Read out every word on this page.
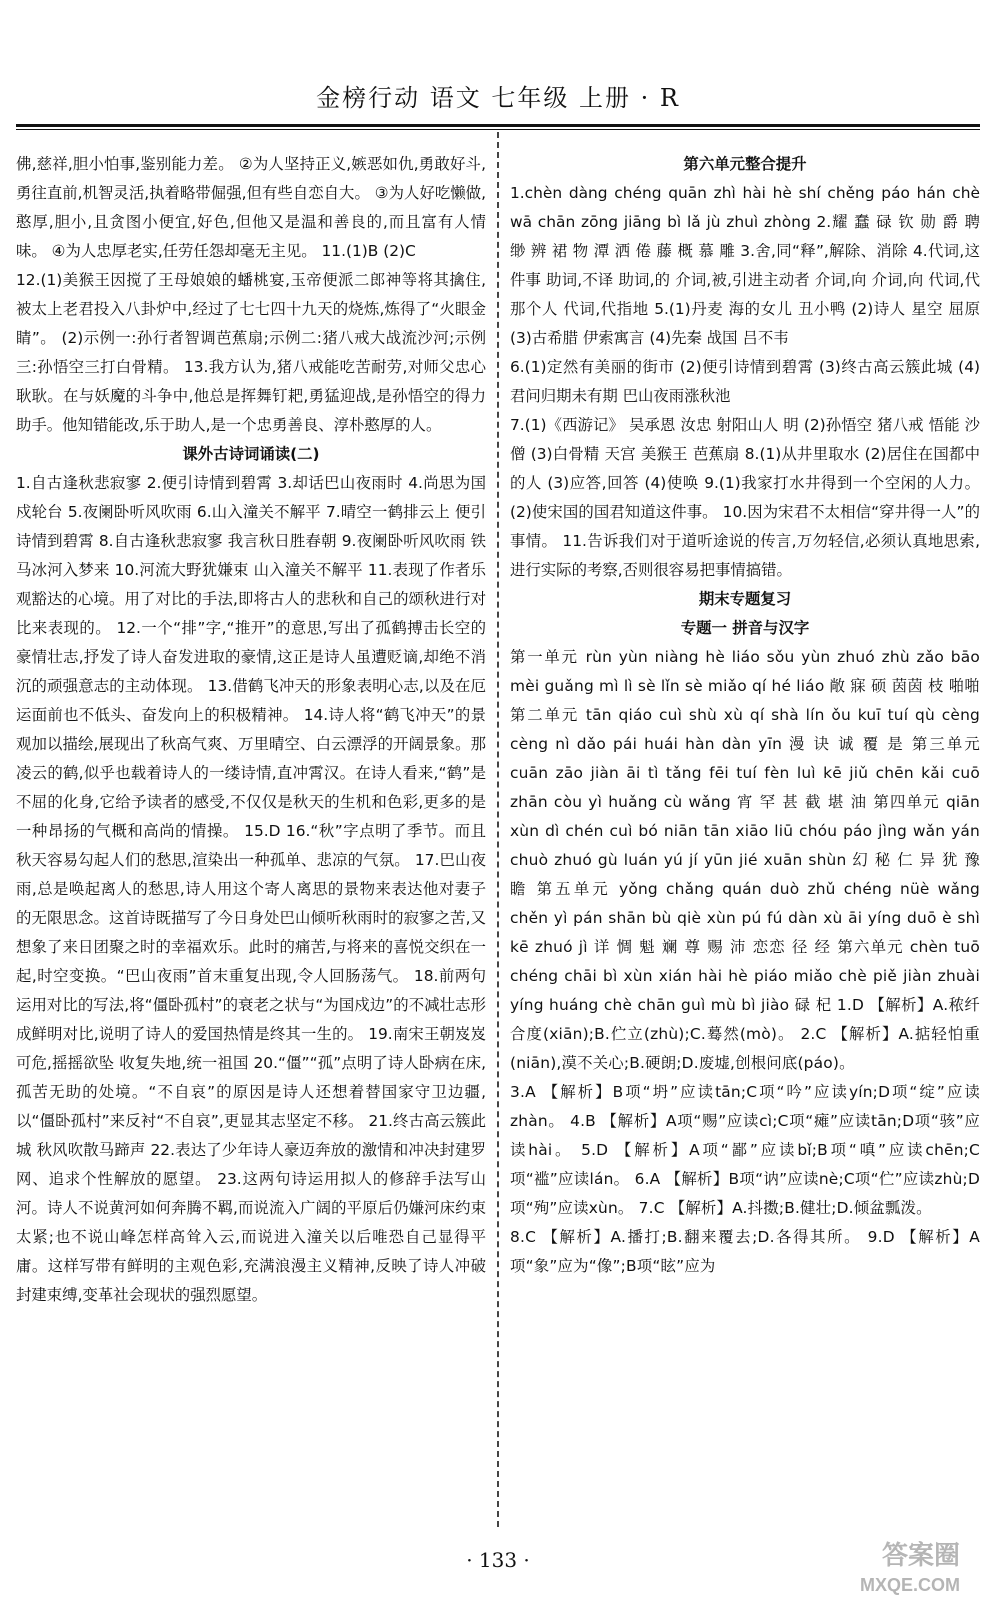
金榜行动 语文 七年级 上册 · R

佛,慈祥,胆小怕事,鉴别能力差。 ②为人坚持正义,嫉恶如仇,勇敢好斗,勇往直前,机智灵活,执着略带倔强,但有些自恋自大。 ③为人好吃懒做,憨厚,胆小,且贪图小便宜,好色,但他又是温和善良的,而且富有人情味。 ④为人忠厚老实,任劳任怨却毫无主见。 11.(1)B (2)C

12.(1)美猴王因搅了王母娘娘的蟠桃宴,玉帝便派二郎神等将其擒住,被太上老君投入八卦炉中,经过了七七四十九天的烧炼,炼得了“火眼金睛”。 (2)示例一:孙行者智调芭蕉扇;示例二:猪八戒大战流沙河;示例三:孙悟空三打白骨精。 13.我方认为,猪八戒能吃苦耐劳,对师父忠心耿耿。在与妖魔的斗争中,他总是挥舞钉耙,勇猛迎战,是孙悟空的得力助手。他知错能改,乐于助人,是一个忠勇善良、淳朴憨厚的人。

课外古诗词诵读(二)

1.自古逢秋悲寂寥 2.便引诗情到碧霄 3.却话巴山夜雨时 4.尚思为国戍轮台 5.夜阑卧听风吹雨 6.山入潼关不解平 7.晴空一鹤排云上 便引诗情到碧霄 8.自古逢秋悲寂寥 我言秋日胜春朝 9.夜阑卧听风吹雨 铁马冰河入梦来 10.河流大野犹嫌束 山入潼关不解平 11.表现了作者乐观豁达的心境。用了对比的手法,即将古人的悲秋和自己的颂秋进行对比来表现的。 12.一个“排”字,“推开”的意思,写出了孤鹤搏击长空的豪情壮志,抒发了诗人奋发进取的豪情,这正是诗人虽遭贬谪,却绝不消沉的顽强意志的主动体现。 13.借鹤飞冲天的形象表明心志,以及在厄运面前也不低头、奋发向上的积极精神。 14.诗人将“鹤飞冲天”的景观加以描绘,展现出了秋高气爽、万里晴空、白云漂浮的开阔景象。那凌云的鹤,似乎也载着诗人的一缕诗情,直冲霄汉。在诗人看来,“鹤”是不屈的化身,它给予读者的感受,不仅仅是秋天的生机和色彩,更多的是一种昂扬的气概和高尚的情操。 15.D 16.“秋”字点明了季节。而且秋天容易勾起人们的愁思,渲染出一种孤单、悲凉的气氛。 17.巴山夜雨,总是唤起离人的愁思,诗人用这个寄人离思的景物来表达他对妻子的无限思念。这首诗既描写了今日身处巴山倾听秋雨时的寂寥之苦,又想象了来日团聚之时的幸福欢乐。此时的痛苦,与将来的喜悦交织在一起,时空变换。“巴山夜雨”首末重复出现,令人回肠荡气。 18.前两句运用对比的写法,将“僵卧孤村”的衰老之状与“为国戍边”的不减壮志形成鲜明对比,说明了诗人的爱国热情是终其一生的。 19.南宋王朝岌岌可危,摇摇欲坠 收复失地,统一祖国 20.“僵”“孤”点明了诗人卧病在床,孤苦无助的处境。“不自哀”的原因是诗人还想着替国家守卫边疆,以“僵卧孤村”来反衬“不自哀”,更显其志坚定不移。 21.终古高云簇此城 秋风吹散马蹄声 22.表达了少年诗人豪迈奔放的激情和冲决封建罗网、追求个性解放的愿望。 23.这两句诗运用拟人的修辞手法写山河。诗人不说黄河如何奔腾不羁,而说流入广阔的平原后仍嫌河床约束太紧;也不说山峰怎样高耸入云,而说进入潼关以后唯恐自己显得平庸。这样写带有鲜明的主观色彩,充满浪漫主义精神,反映了诗人冲破封建束缚,变革社会现状的强烈愿望。

第六单元整合提升

1.chèn dàng chéng quān zhì hài hè shí chěng páo hán chè wā chān zōng jiāng bì lǎ jù zhuì zhòng 2.耀 蠢 碌 钦 勋 爵 聘 缈 辨 裙 物 潭 洒 倦 藤 概 慕 雕 3.舍,同“释”,解除、消除 4.代词,这件事 助词,不译 助词,的 介词,被,引进主动者 介词,向 介词,向 代词,代那个人 代词,代指地 5.(1)丹麦 海的女儿 丑小鸭 (2)诗人 星空 屈原 (3)古希腊 伊索寓言 (4)先秦 战国 吕不韦

6.(1)定然有美丽的街市 (2)便引诗情到碧霄 (3)终古高云簇此城 (4)君问归期未有期 巴山夜雨涨秋池

7.(1)《西游记》 吴承恩 汝忠 射阳山人 明 (2)孙悟空 猪八戒 悟能 沙僧 (3)白骨精 天宫 美猴王 芭蕉扇 8.(1)从井里取水 (2)居住在国都中的人 (3)应答,回答 (4)使唤 9.(1)我家打水井得到一个空闲的人力。 (2)使宋国的国君知道这件事。 10.因为宋君不太相信“穿井得一人”的事情。 11.告诉我们对于道听途说的传言,万勿轻信,必须认真地思索,进行实际的考察,否则很容易把事情搞错。

期末专题复习

专题一 拼音与汉字

第一单元 rùn yùn niàng hè liáo sǒu yùn zhuó zhù zǎo bāo mèi guǎng mì lì sè lǐn sè miǎo qí hé liáo 敞 寐 硕 茵茵 枝 啪啪 第二单元 tān qiáo cuì shù xù qí shà lín ǒu kuī tuí qù cèng cèng nì dǎo pái huái hàn dàn yīn 漫 诀 诚 覆 是 第三单元 cuān zāo jiàn āi tì tǎng fēi tuí fèn luì kē jiǔ chēn kǎi cuō zhān còu yì huǎng cù wǎng 宵 罕 甚 截 堪 油 第四单元 qiān xùn dì chén cuì bó niān tān xiāo liū chóu páo jìng wǎn yán chuò zhuó gù luán yú jí yūn jié xuān shùn 幻 秘 仁 异 犹 豫 瞻 第五单元 yǒng chǎng quán duò zhǔ chéng nüè wǎng chěn yì pán shān bù qiè xùn pú fú dàn xù āi yíng duō è shì kē zhuó jì 详 惆 魁 斓 尊 赐 沛 恋恋 径 经 第六单元 chèn tuō chéng chāi bì xùn xián hài hè piáo miǎo chè piě jiàn zhuài yíng huáng chè chān guì mù bì jiào 碌 杞 1.D 【解析】A.秾纤合度(xiān);B.伫立(zhù);C.蓦然(mò)。 2.C 【解析】A.掂轻怕重(niān),漠不关心;B.硬朗;D.废墟,创根问底(páo)。

3.A 【解析】B项“坍”应读tān;C项“吟”应读yín;D项“绽”应读zhàn。 4.B 【解析】A项“赐”应读cì;C项“瘫”应读tān;D项“骇”应读hài。 5.D 【解析】A项“鄙”应读bǐ;B项“嗔”应读chēn;C项“褴”应读lán。 6.A 【解析】B项“讷”应读nè;C项“伫”应读zhù;D项“殉”应读xùn。 7.C 【解析】A.抖擞;B.健壮;D.倾盆瓢泼。

8.C 【解析】A.播打;B.翻来覆去;D.各得其所。 9.D 【解析】A项“象”应为“像”;B项“眩”应为

· 133 ·	答案圈
MXQE.COM
